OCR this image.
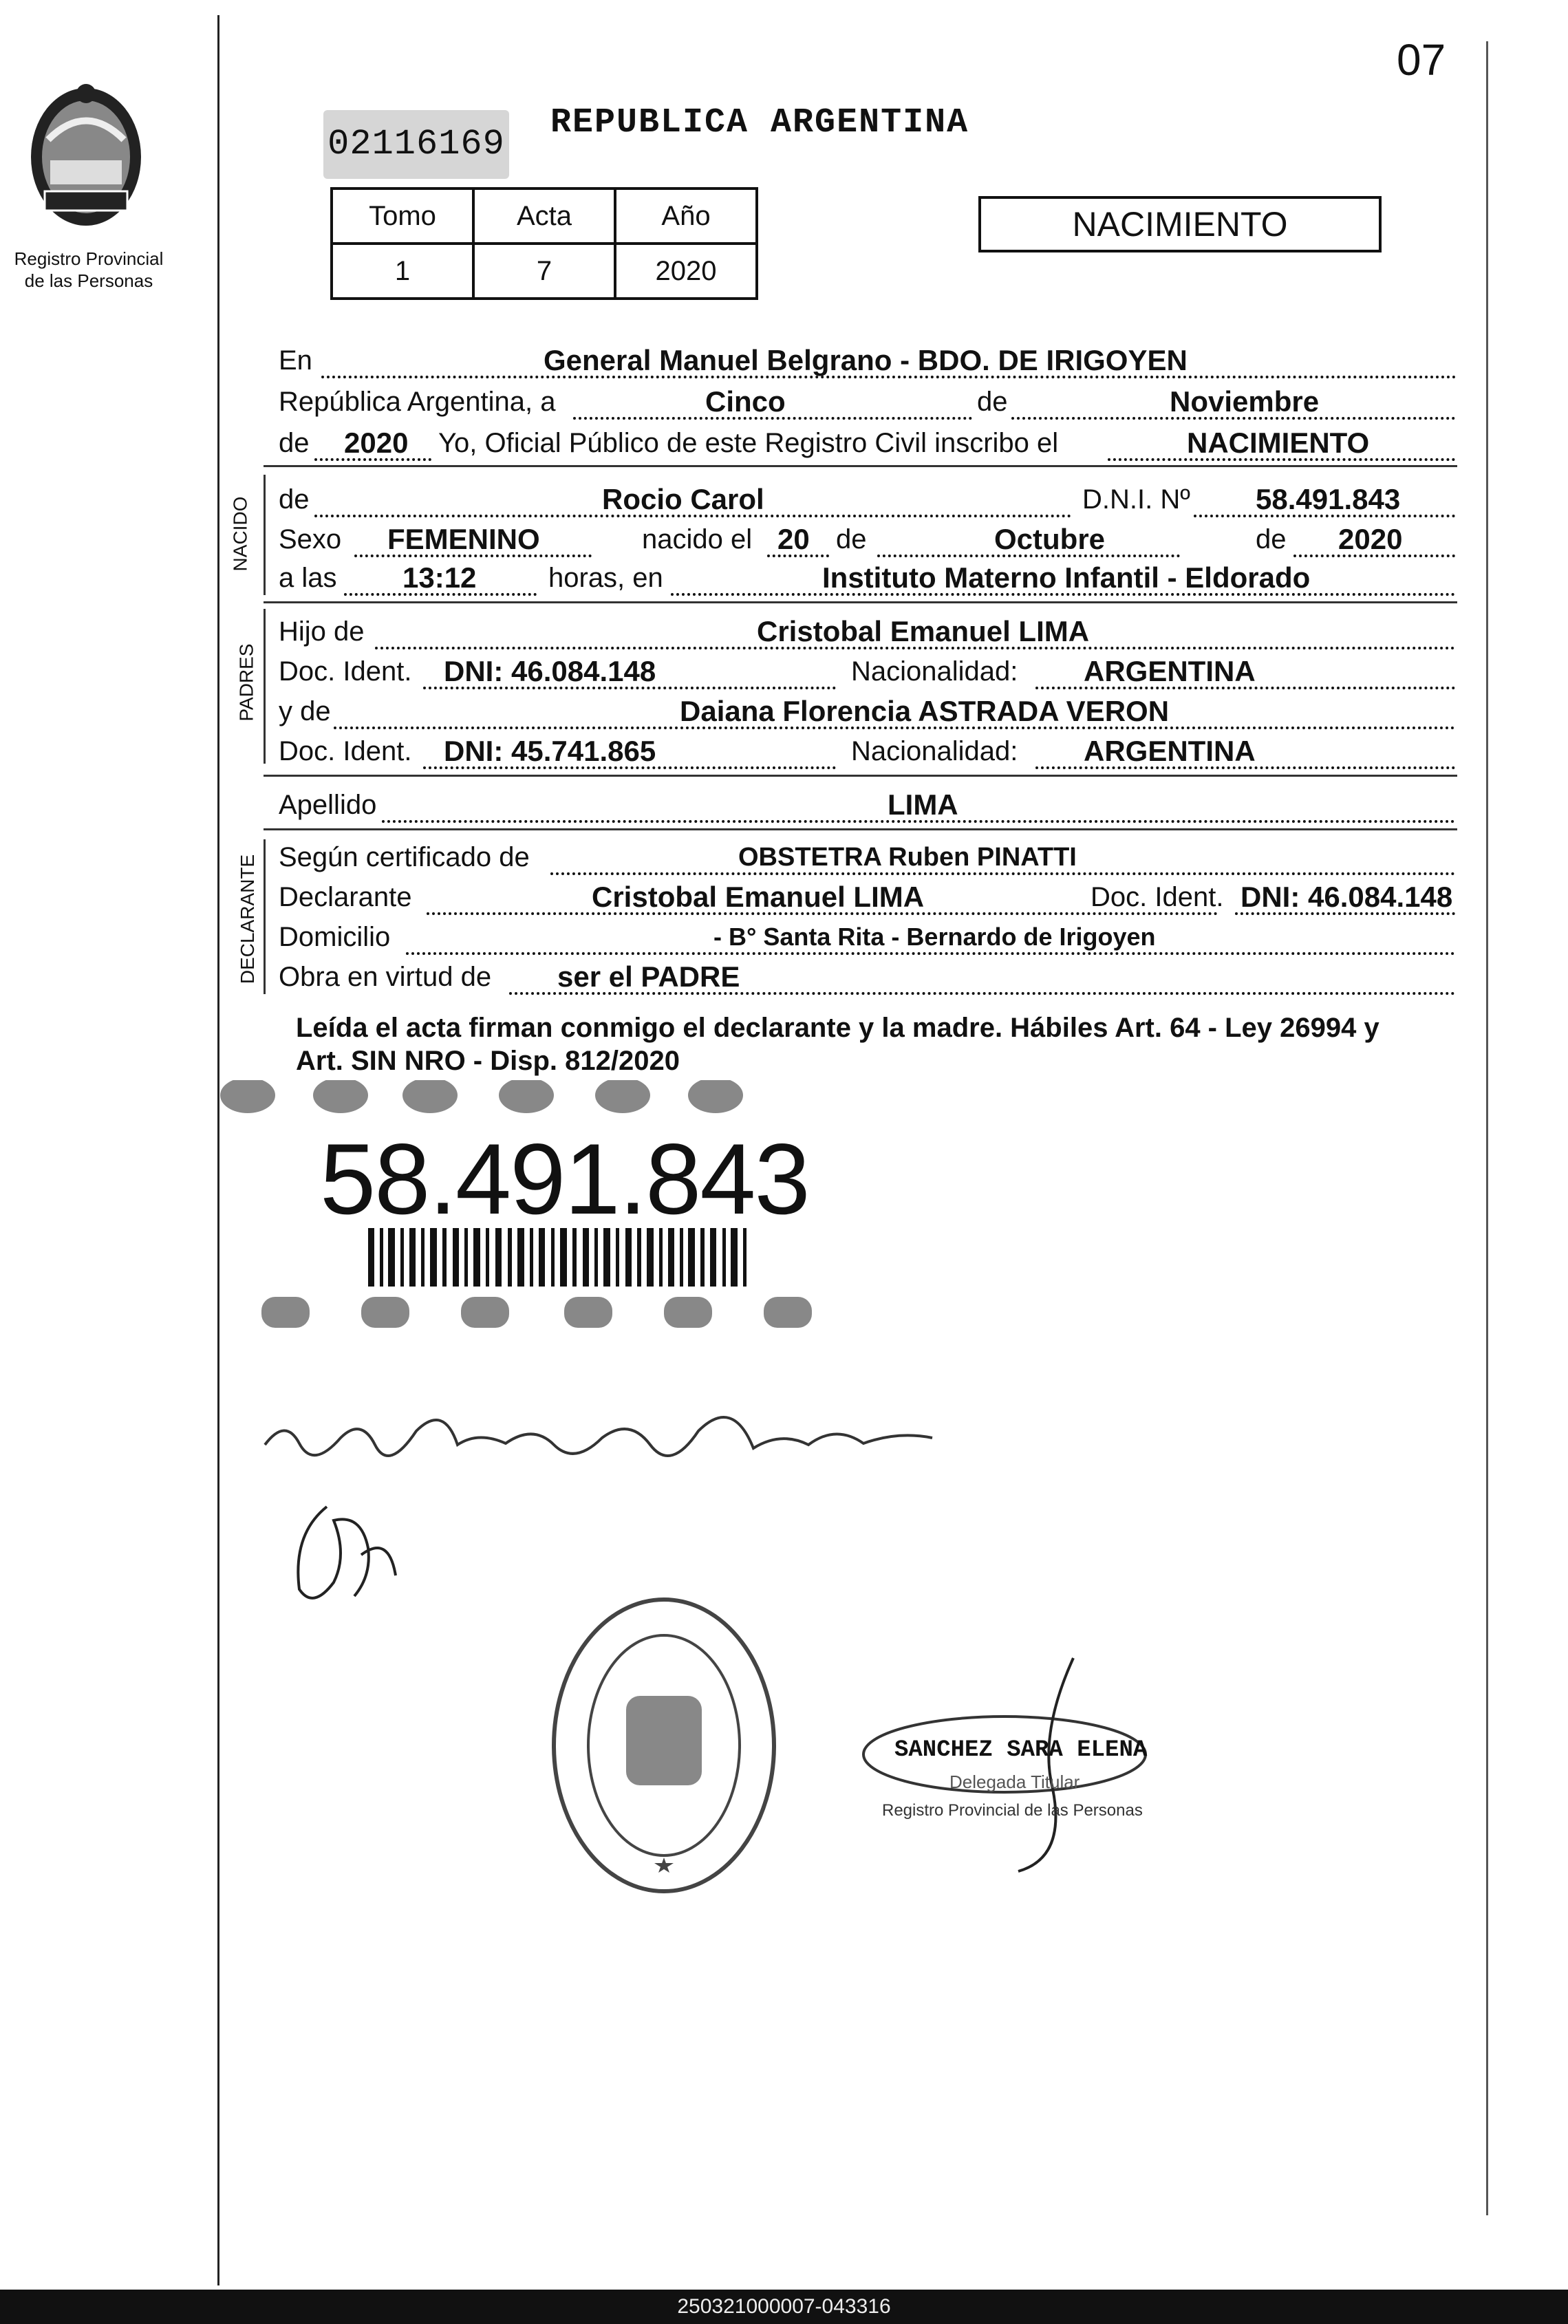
Registro Provincial
de las Personas
07
02116169
REPUBLICA ARGENTINA
Tomo	Acta	Año
1	7	2020
NACIMIENTO
En	General Manuel Belgrano - BDO. DE IRIGOYEN
República Argentina, a	Cinco	de	Noviembre
de 2020 Yo, Oficial Público de este Registro Civil inscribo el	NACIMIENTO
NACIDO de	Rocio Carol	D.N.I. Nº 58.491.843
Sexo FEMENINO	nacido el 20 de	Octubre	de 2020
a las 13:12	horas, en	Instituto Materno Infantil - Eldorado
PADRES
Hijo de	Cristobal Emanuel LIMA
Doc. Ident. DNI: 46.084.148	Nacionalidad: ARGENTINA
y de	Daiana Florencia ASTRADA VERON
Doc. Ident. DNI: 45.741.865	Nacionalidad: ARGENTINA
Apellido	LIMA
DECLARANTE Según certificado de	OBSTETRA Ruben PINATTI
Declarante	Cristobal Emanuel LIMA	Doc. Ident. DNI: 46.084.148
Domicilio	- B° Santa Rita - Bernardo de Irigoyen
Obra en virtud de ser el PADRE
Leída el acta firman conmigo el declarante y la madre. Hábiles Art. 64 - Ley 26994 y Art. SIN NRO - Disp. 812/2020
58.491.843
SANCHEZ SARA ELENA
Delegada Titular
Registro Provincial de las Personas
250321000007-043316
